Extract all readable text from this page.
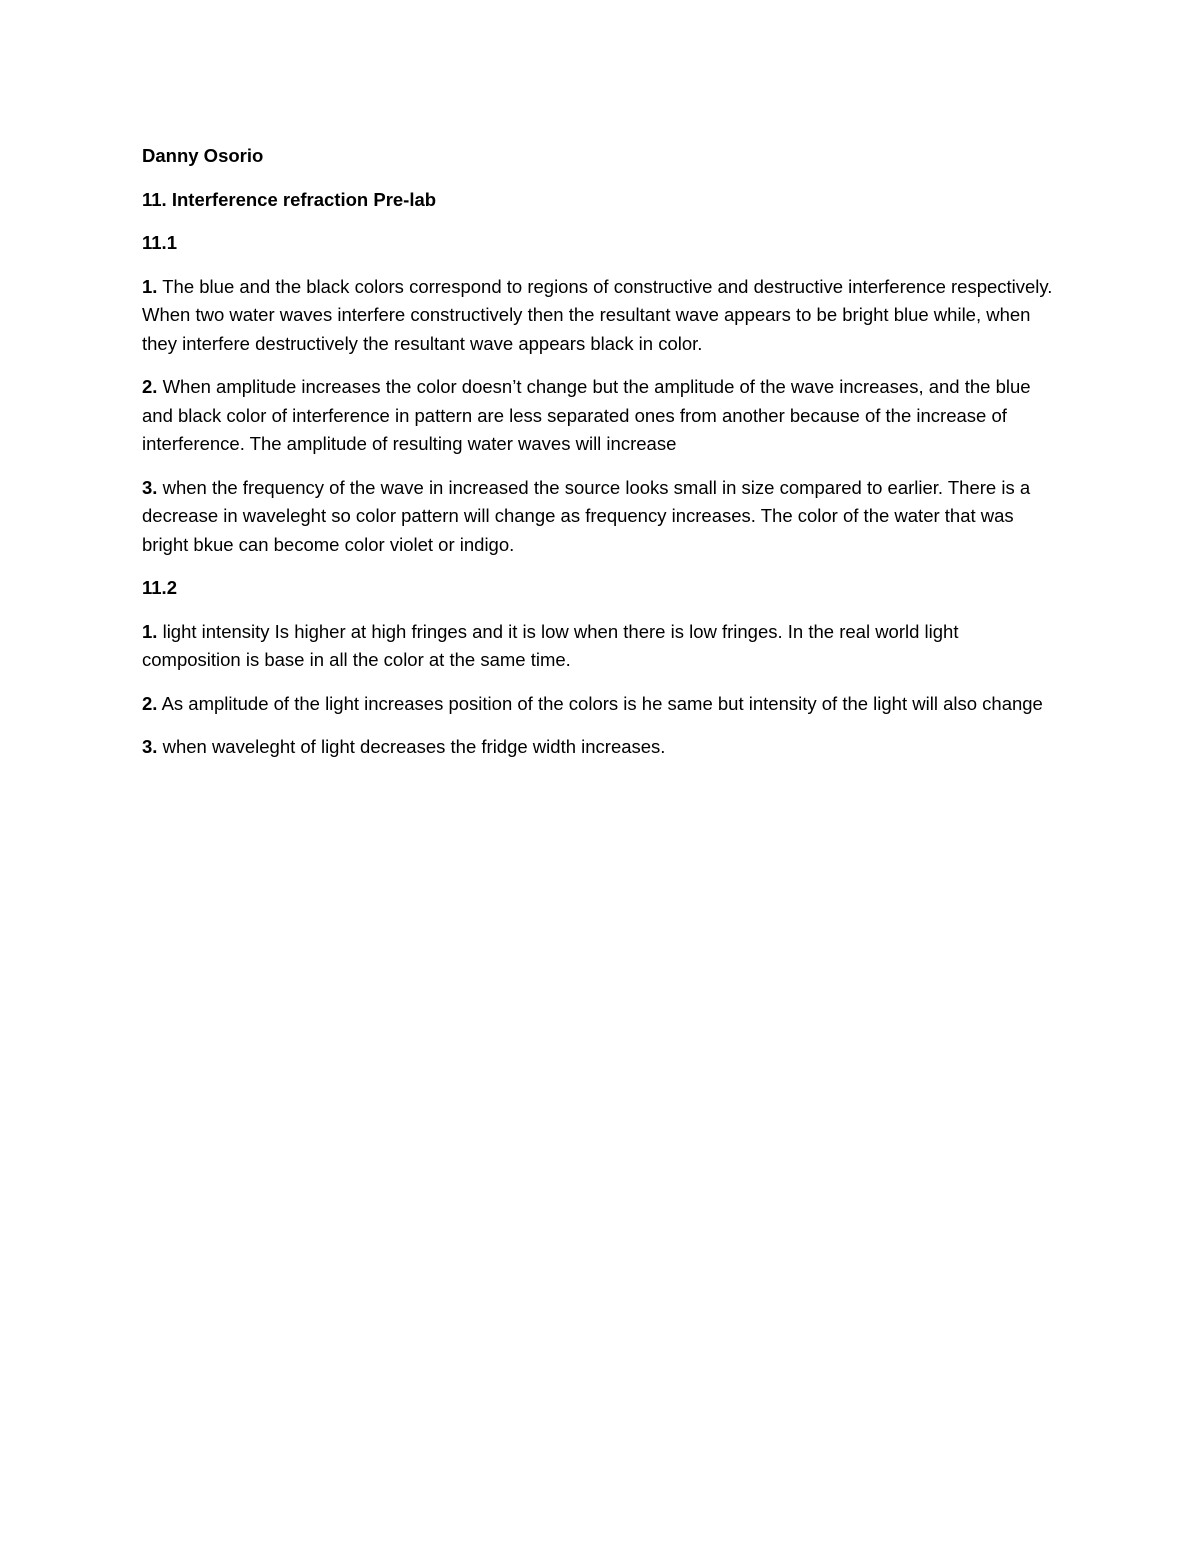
Danny Osorio

11. Interference refraction Pre-lab

11.1

1. The blue and the black colors correspond to regions of constructive and destructive interference respectively. When two water waves interfere constructively then the resultant wave appears to be bright blue while, when they interfere destructively the resultant wave appears black in color.

2. When amplitude increases the color doesn’t change but the amplitude of the wave increases, and the blue and black color of interference in pattern are less separated ones from another because of the increase of interference. The amplitude of resulting water waves will increase

3. when the frequency of the wave in increased the source looks small in size compared to earlier. There is a decrease in waveleght so color pattern will change as frequency increases. The color of the water that was bright bkue can become color violet or indigo.

11.2

1. light intensity Is higher at high fringes and it is low when there is low fringes. In the real world light composition is base in all the color at the same time.

2. As amplitude of the light increases position of the colors is he same but intensity of the light will also change

3. when waveleght of light decreases the fridge width increases.
